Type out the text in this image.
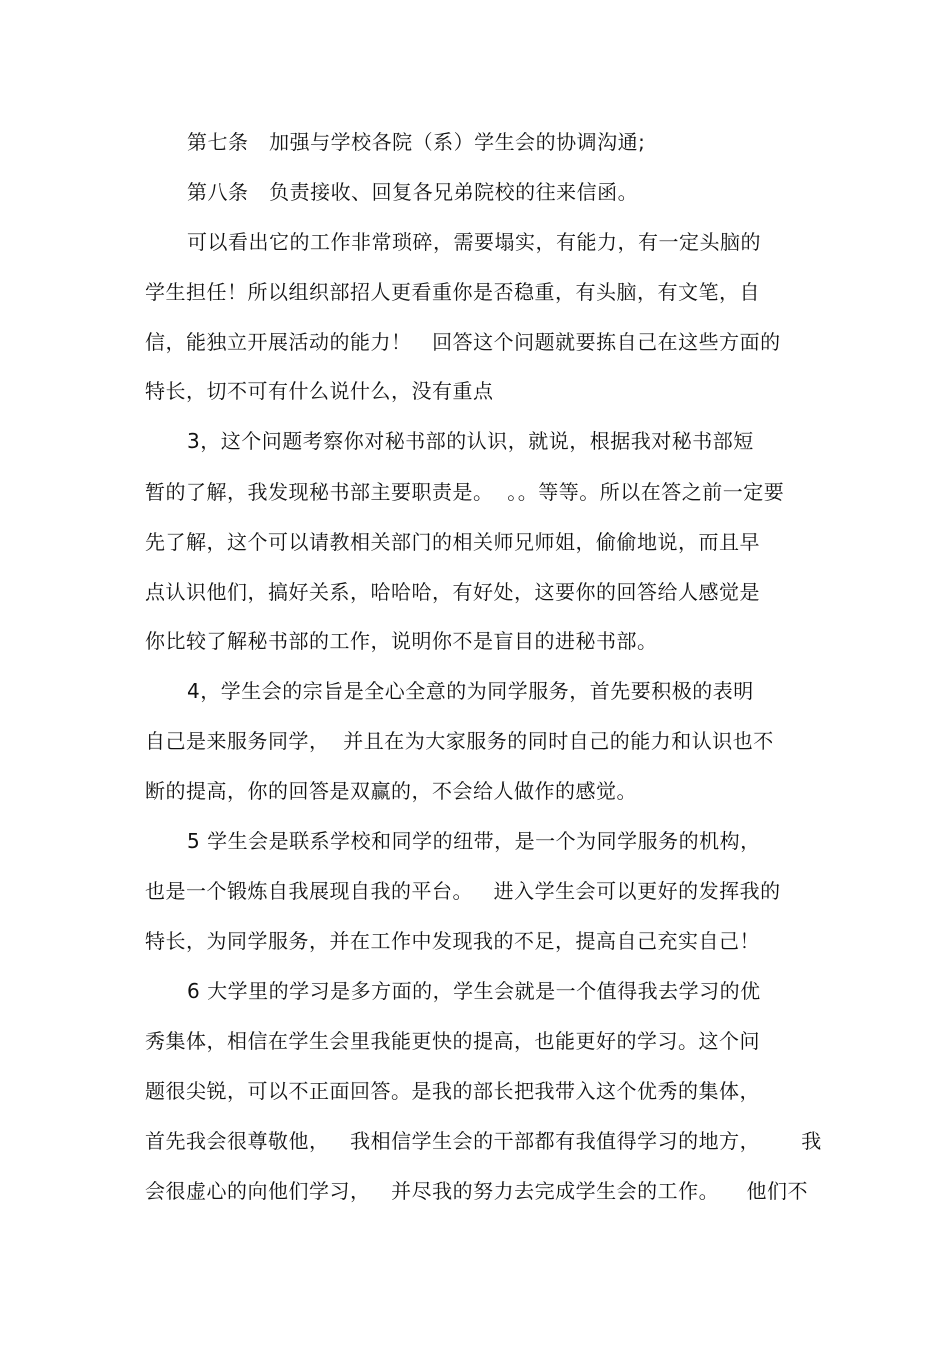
第七条   加强与学校各院（系）学生会的协调沟通;
第八条   负责接收、回复各兄弟院校的往来信函。
可以看出它的工作非常琐碎，需要塌实，有能力，有一定头脑的
学生担任！所以组织部招人更看重你是否稳重，有头脑，有文笔，自
信，能独立开展活动的能力！   回答这个问题就要拣自己在这些方面的
特长，切不可有什么说什么，没有重点
3，这个问题考察你对秘书部的认识，就说，根据我对秘书部短
暂的了解，我发现秘书部主要职责是。  。。等等。所以在答之前一定要
先了解，这个可以请教相关部门的相关师兄师姐，偷偷地说，而且早
点认识他们，搞好关系，哈哈哈，有好处，这要你的回答给人感觉是
你比较了解秘书部的工作，说明你不是盲目的进秘书部。
4，学生会的宗旨是全心全意的为同学服务，首先要积极的表明
自己是来服务同学，  并且在为大家服务的同时自己的能力和认识也不
断的提高，你的回答是双赢的，不会给人做作的感觉。
5 学生会是联系学校和同学的纽带，是一个为同学服务的机构，
也是一个锻炼自我展现自我的平台。   进入学生会可以更好的发挥我的
特长，为同学服务，并在工作中发现我的不足，提高自己充实自己！
6 大学里的学习是多方面的，学生会就是一个值得我去学习的优
秀集体，相信在学生会里我能更快的提高，也能更好的学习。这个问
题很尖锐，可以不正面回答。是我的部长把我带入这个优秀的集体，
首先我会很尊敬他，   我相信学生会的干部都有我值得学习的地方，      我
会很虚心的向他们学习，   并尽我的努力去完成学生会的工作。    他们不
